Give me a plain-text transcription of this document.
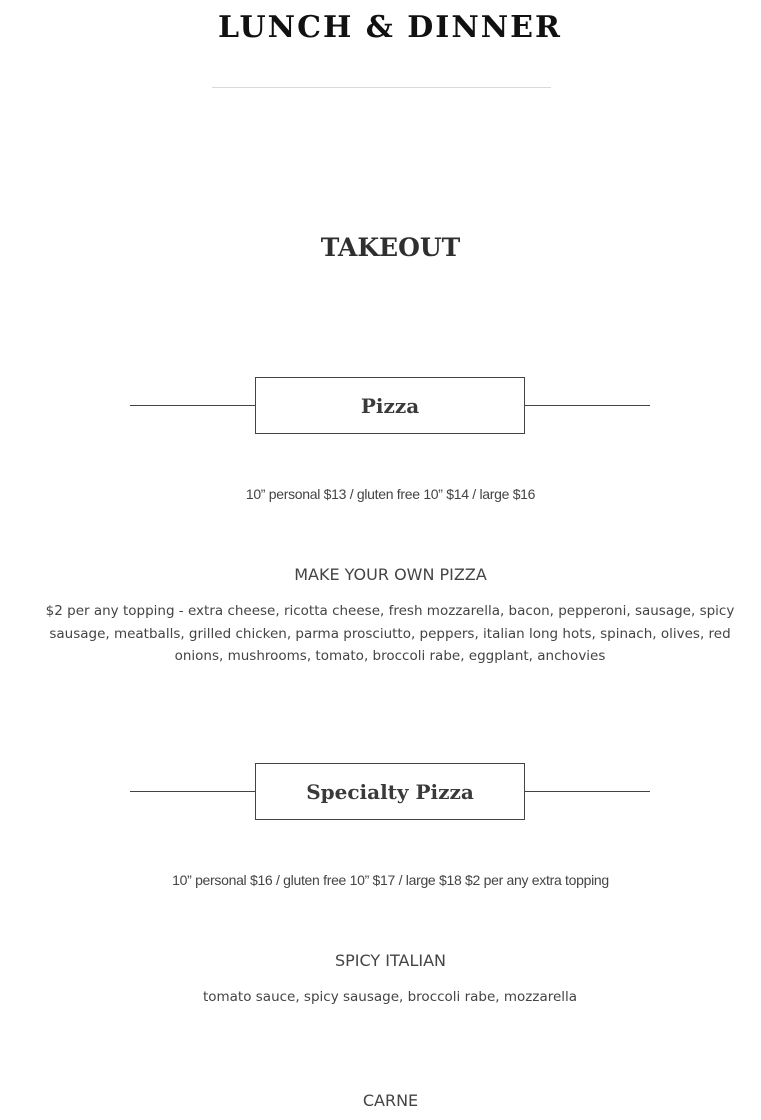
LUNCH & DINNER
TAKEOUT
Pizza
10” personal $13 / gluten free 10” $14 / large $16
MAKE YOUR OWN PIZZA
$2 per any topping - extra cheese, ricotta cheese, fresh mozzarella, bacon, pepperoni, sausage, spicy sausage, meatballs, grilled chicken, parma prosciutto, peppers, italian long hots, spinach, olives, red onions, mushrooms, tomato, broccoli rabe, eggplant, anchovies
Specialty Pizza
10” personal $16 / gluten free 10” $17 / large $18 $2 per any extra topping
SPICY ITALIAN
tomato sauce, spicy sausage, broccoli rabe, mozzarella
CARNE
